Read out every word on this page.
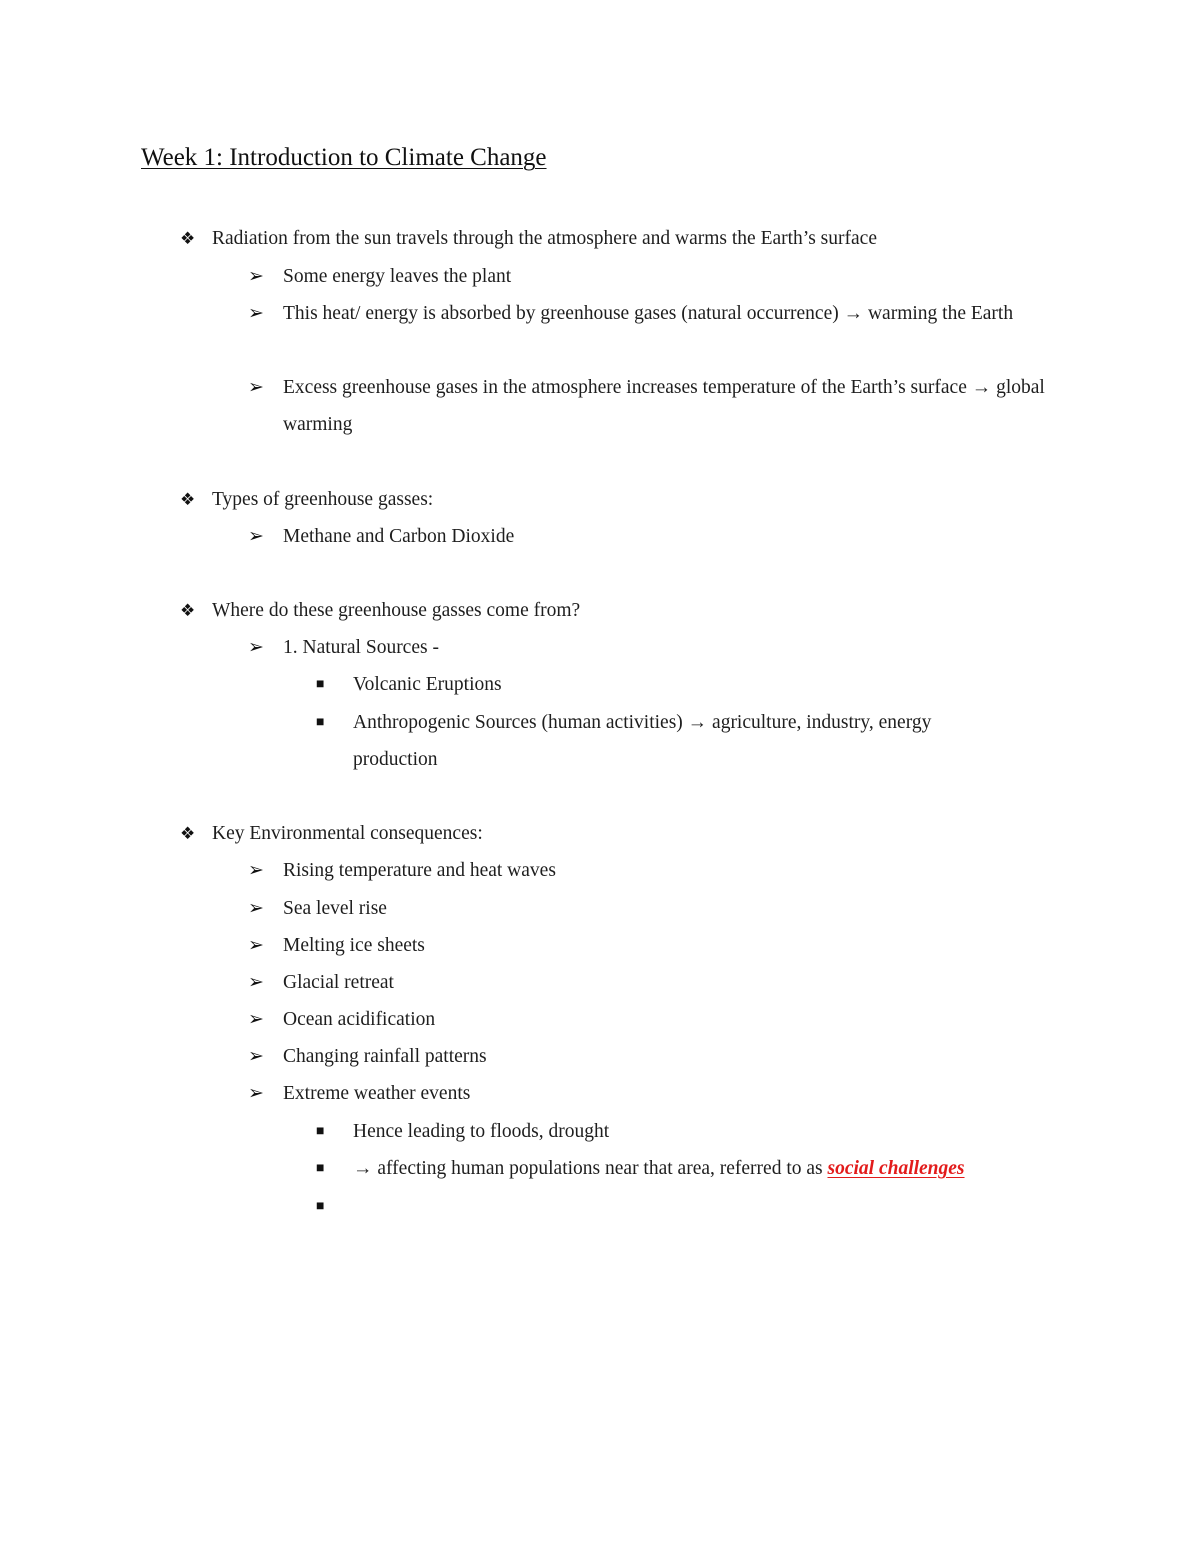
Week 1: Introduction to Climate Change
❖ Radiation from the sun travels through the atmosphere and warms the Earth’s surface
➢ Some energy leaves the plant
➢ This heat/ energy is absorbed by greenhouse gases (natural occurrence) → warming the Earth
➢ Excess greenhouse gases in the atmosphere increases temperature of the Earth’s surface → global warming
❖ Types of greenhouse gasses:
➢ Methane and Carbon Dioxide
❖ Where do these greenhouse gasses come from?
➢ 1. Natural Sources -
■ Volcanic Eruptions
■ Anthropogenic Sources (human activities) → agriculture, industry, energy production
❖ Key Environmental consequences:
➢ Rising temperature and heat waves
➢ Sea level rise
➢ Melting ice sheets
➢ Glacial retreat
➢ Ocean acidification
➢ Changing rainfall patterns
➢ Extreme weather events
■ Hence leading to floods, drought
■ → affecting human populations near that area, referred to as social challenges
■
